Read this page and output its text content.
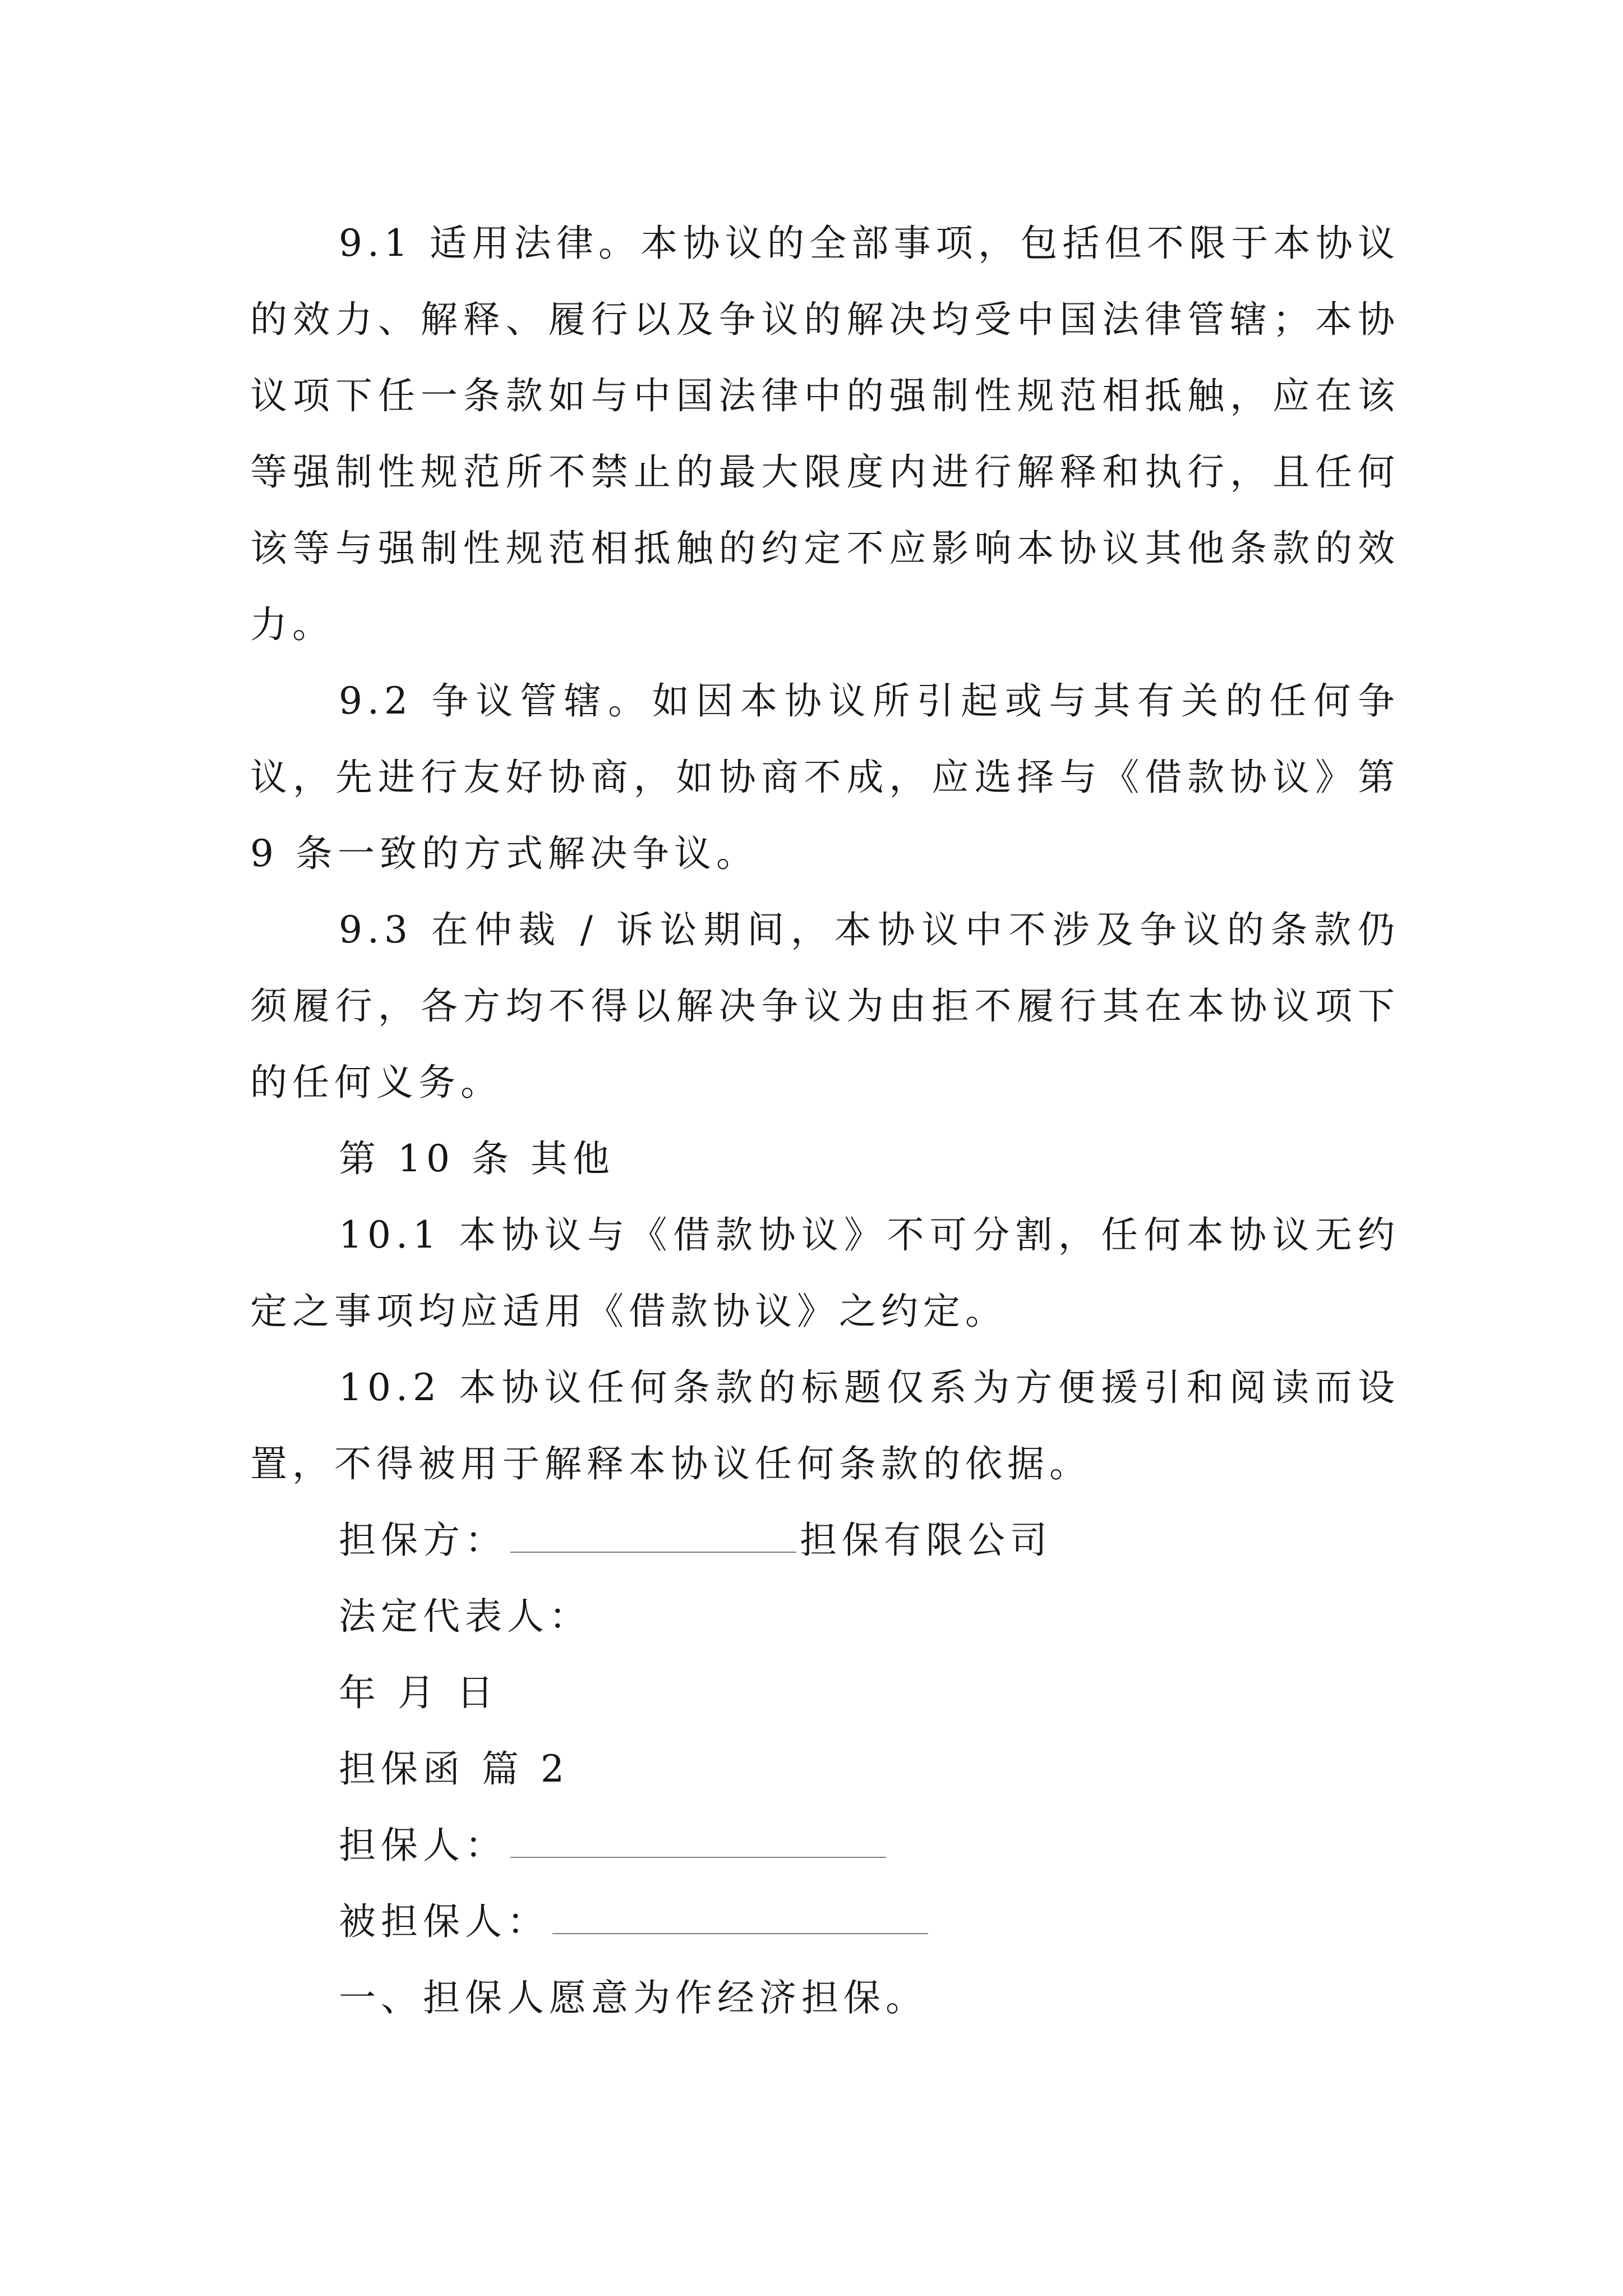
9.1 适用法律。本协议的全部事项，包括但不限于本协议的效力、解释、履行以及争议的解决均受中国法律管辖；本协议项下任一条款如与中国法律中的强制性规范相抵触，应在该等强制性规范所不禁止的最大限度内进行解释和执行，且任何该等与强制性规范相抵触的约定不应影响本协议其他条款的效力。

9.2 争议管辖。如因本协议所引起或与其有关的任何争议，先进行友好协商，如协商不成，应选择与《借款协议》第 9 条一致的方式解决争议。

9.3 在仲裁 / 诉讼期间，本协议中不涉及争议的条款仍须履行，各方均不得以解决争议为由拒不履行其在本协议项下的任何义务。

第 10 条 其他

10.1 本协议与《借款协议》不可分割，任何本协议无约定之事项均应适用《借款协议》之约定。

10.2 本协议任何条款的标题仅系为方便援引和阅读而设置，不得被用于解释本协议任何条款的依据。

担保方：	担保有限公司

法定代表人：

年 月 日

担保函 篇 2

担保人：

被担保人：

一、担保人愿意为作经济担保。
